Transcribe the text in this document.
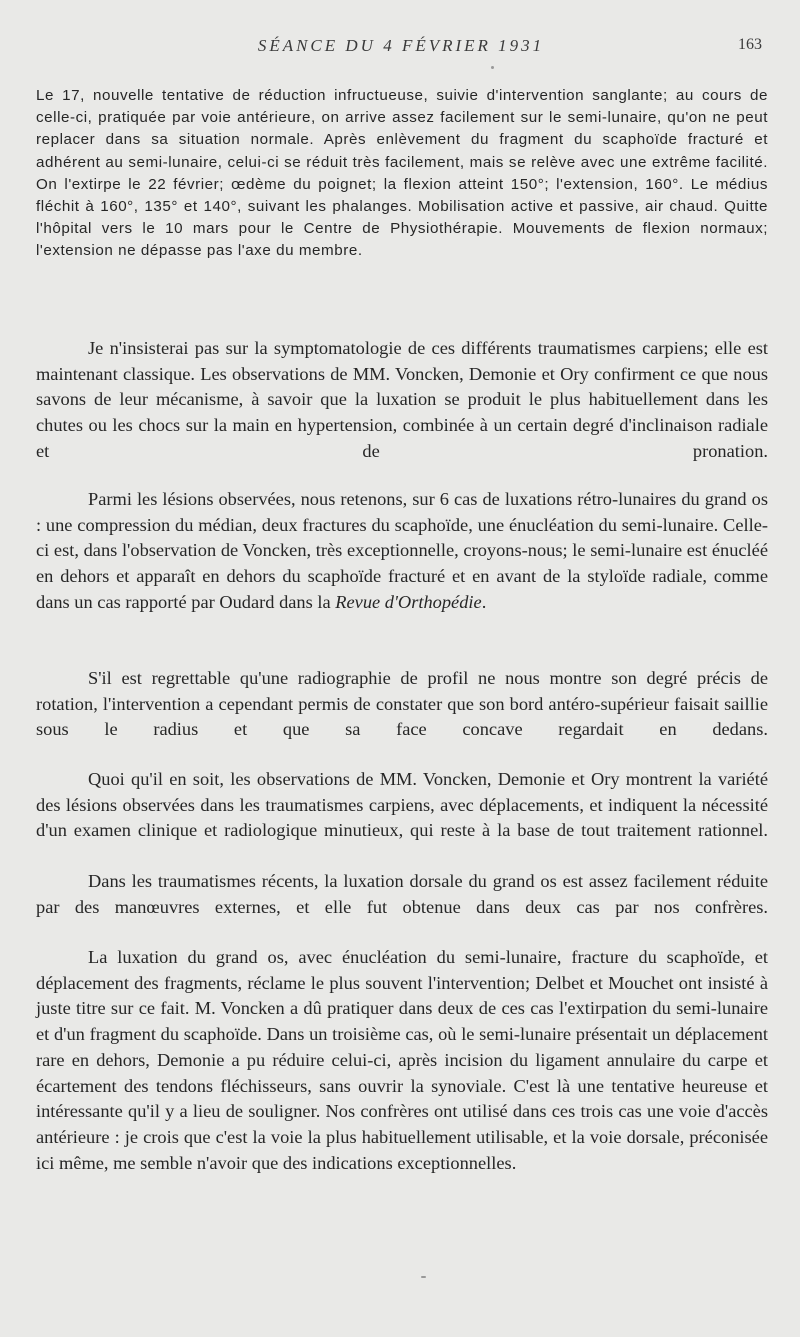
SÉANCE DU 4 FÉVRIER 1931	163

Le 17, nouvelle tentative de réduction infructueuse, suivie d'intervention sanglante; au cours de celle-ci, pratiquée par voie antérieure, on arrive assez facilement sur le semi-lunaire, qu'on ne peut replacer dans sa situation normale. Après enlèvement du fragment du scaphoïde fracturé et adhérent au semi-lunaire, celui-ci se réduit très facilement, mais se relève avec une extrême facilité. On l'extirpe le 22 février; œdème du poignet; la flexion atteint 150°; l'extension, 160°. Le médius fléchit à 160°, 135° et 140°, suivant les phalanges. Mobilisation active et passive, air chaud. Quitte l'hôpital vers le 10 mars pour le Centre de Physiothérapie. Mouvements de flexion normaux; l'extension ne dépasse pas l'axe du membre.

Je n'insisterai pas sur la symptomatologie de ces différents traumatismes carpiens; elle est maintenant classique. Les observations de MM. Voncken, Demonie et Ory confirment ce que nous savons de leur mécanisme, à savoir que la luxation se produit le plus habituellement dans les chutes ou les chocs sur la main en hypertension, combinée à un certain degré d'inclinaison radiale et de pronation.

Parmi les lésions observées, nous retenons, sur 6 cas de luxations rétro-lunaires du grand os : une compression du médian, deux fractures du scaphoïde, une énucléation du semi-lunaire. Celle-ci est, dans l'observation de Voncken, très exceptionnelle, croyons-nous; le semi-lunaire est énucléé en dehors et apparaît en dehors du scaphoïde fracturé et en avant de la styloïde radiale, comme dans un cas rapporté par Oudard dans la Revue d'Orthopédie.

S'il est regrettable qu'une radiographie de profil ne nous montre son degré précis de rotation, l'intervention a cependant permis de constater que son bord antéro-supérieur faisait saillie sous le radius et que sa face concave regardait en dedans.

Quoi qu'il en soit, les observations de MM. Voncken, Demonie et Ory montrent la variété des lésions observées dans les traumatismes carpiens, avec déplacements, et indiquent la nécessité d'un examen clinique et radiologique minutieux, qui reste à la base de tout traitement rationnel.

Dans les traumatismes récents, la luxation dorsale du grand os est assez facilement réduite par des manœuvres externes, et elle fut obtenue dans deux cas par nos confrères.

La luxation du grand os, avec énucléation du semi-lunaire, fracture du scaphoïde, et déplacement des fragments, réclame le plus souvent l'intervention; Delbet et Mouchet ont insisté à juste titre sur ce fait. M. Voncken a dû pratiquer dans deux de ces cas l'extirpation du semi-lunaire et d'un fragment du scaphoïde. Dans un troisième cas, où le semi-lunaire présentait un déplacement rare en dehors, Demonie a pu réduire celui-ci, après incision du ligament annulaire du carpe et écartement des tendons fléchisseurs, sans ouvrir la synoviale. C'est là une tentative heureuse et intéressante qu'il y a lieu de souligner. Nos confrères ont utilisé dans ces trois cas une voie d'accès antérieure : je crois que c'est la voie la plus habituellement utilisable, et la voie dorsale, préconisée ici même, me semble n'avoir que des indications exceptionnelles.
